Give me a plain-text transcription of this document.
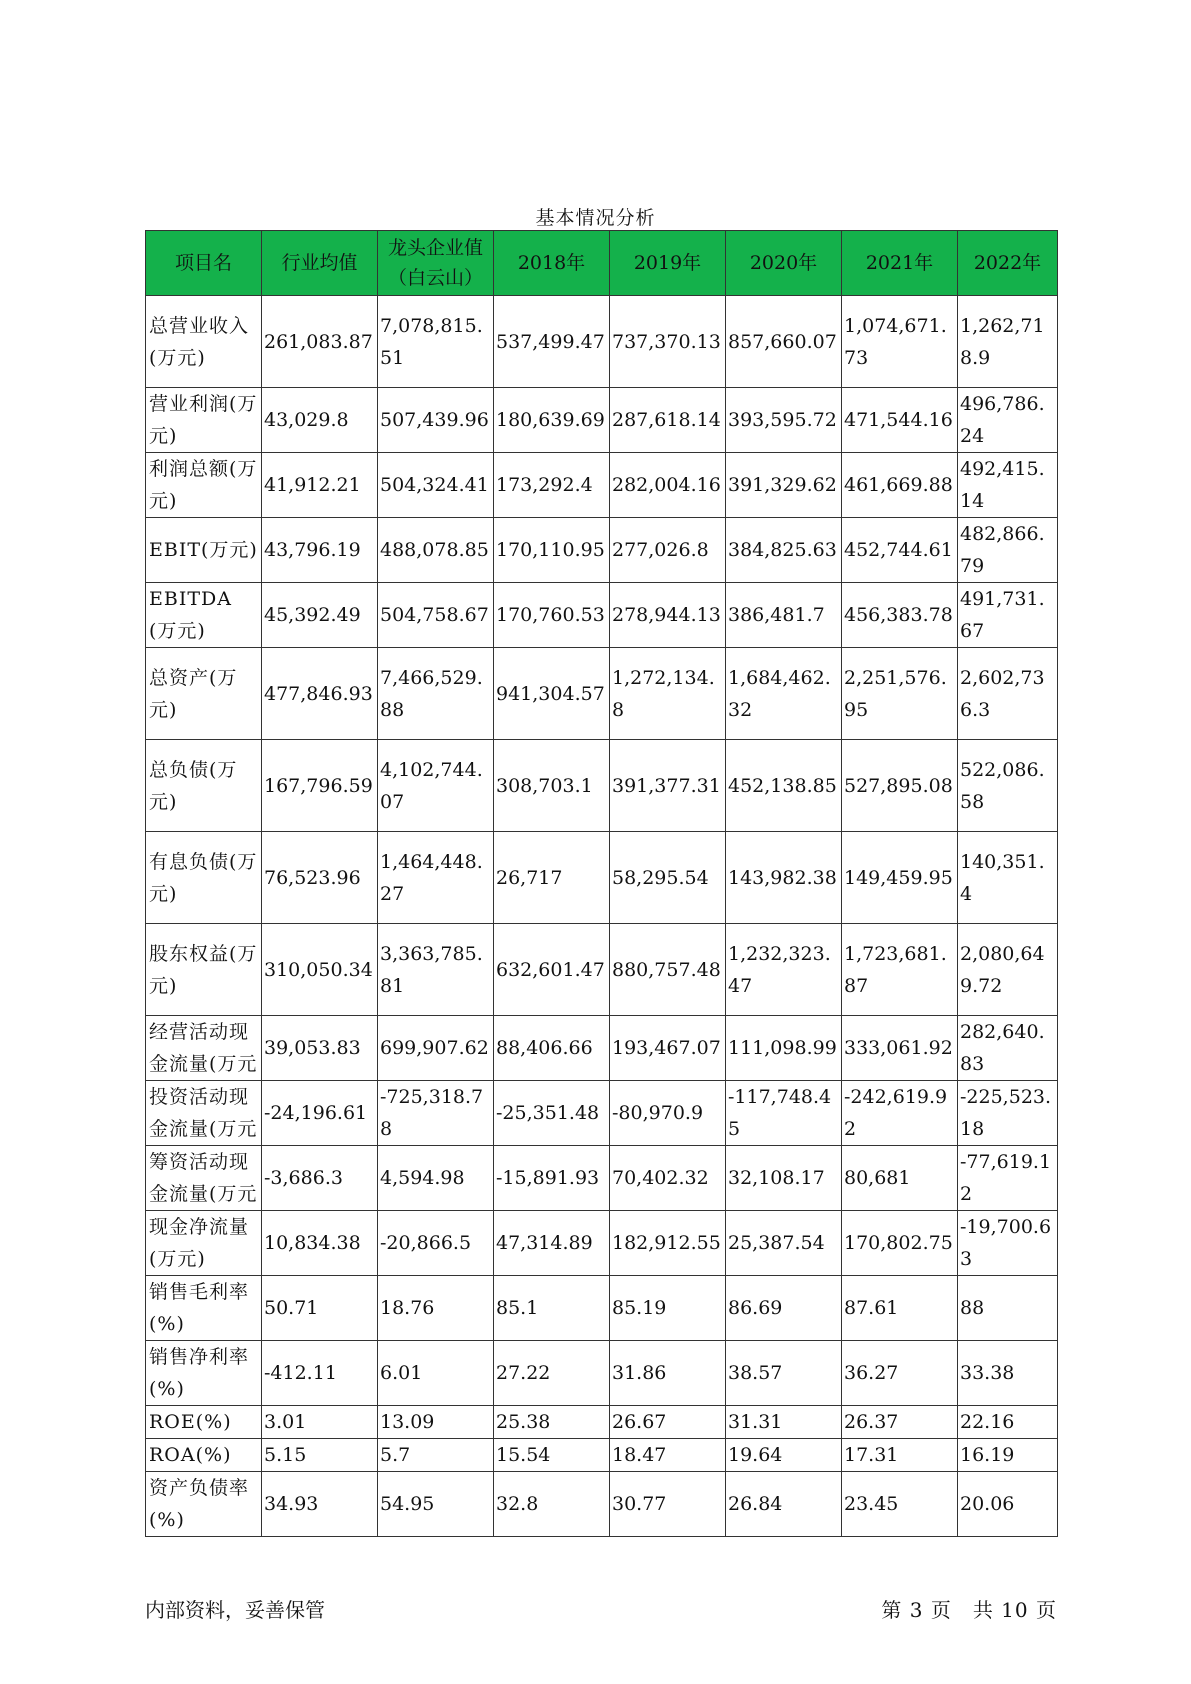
基本情况分析
项目名	行业均值	龙头企业值（白云山）	2018年	2019年	2020年	2021年	2022年
总营业收入(万元)	261,083.87	7,078,815.51	537,499.47	737,370.13	857,660.07	1,074,671.73	1,262,718.9
营业利润(万元)	43,029.8	507,439.96	180,639.69	287,618.14	393,595.72	471,544.16	496,786.24
利润总额(万元)	41,912.21	504,324.41	173,292.4	282,004.16	391,329.62	461,669.88	492,415.14
EBIT(万元)	43,796.19	488,078.85	170,110.95	277,026.8	384,825.63	452,744.61	482,866.79
EBITDA(万元)	45,392.49	504,758.67	170,760.53	278,944.13	386,481.7	456,383.78	491,731.67
总资产(万元)	477,846.93	7,466,529.88	941,304.57	1,272,134.8	1,684,462.32	2,251,576.95	2,602,736.3
总负债(万元)	167,796.59	4,102,744.07	308,703.1	391,377.31	452,138.85	527,895.08	522,086.58
有息负债(万元)	76,523.96	1,464,448.27	26,717	58,295.54	143,982.38	149,459.95	140,351.4
股东权益(万元)	310,050.34	3,363,785.81	632,601.47	880,757.48	1,232,323.47	1,723,681.87	2,080,649.72
经营活动现金流量(万元	39,053.83	699,907.62	88,406.66	193,467.07	111,098.99	333,061.92	282,640.83
投资活动现金流量(万元	-24,196.61	-725,318.78	-25,351.48	-80,970.9	-117,748.45	-242,619.92	-225,523.18
筹资活动现金流量(万元	-3,686.3	4,594.98	-15,891.93	70,402.32	32,108.17	80,681	-77,619.12
现金净流量(万元)	10,834.38	-20,866.5	47,314.89	182,912.55	25,387.54	170,802.75	-19,700.63
销售毛利率(%)	50.71	18.76	85.1	85.19	86.69	87.61	88
销售净利率(%)	-412.11	6.01	27.22	31.86	38.57	36.27	33.38
ROE(%)	3.01	13.09	25.38	26.67	31.31	26.37	22.16
ROA(%)	5.15	5.7	15.54	18.47	19.64	17.31	16.19
资产负债率(%)	34.93	54.95	32.8	30.77	26.84	23.45	20.06
内部资料，妥善保管	第 3 页　共 10 页
